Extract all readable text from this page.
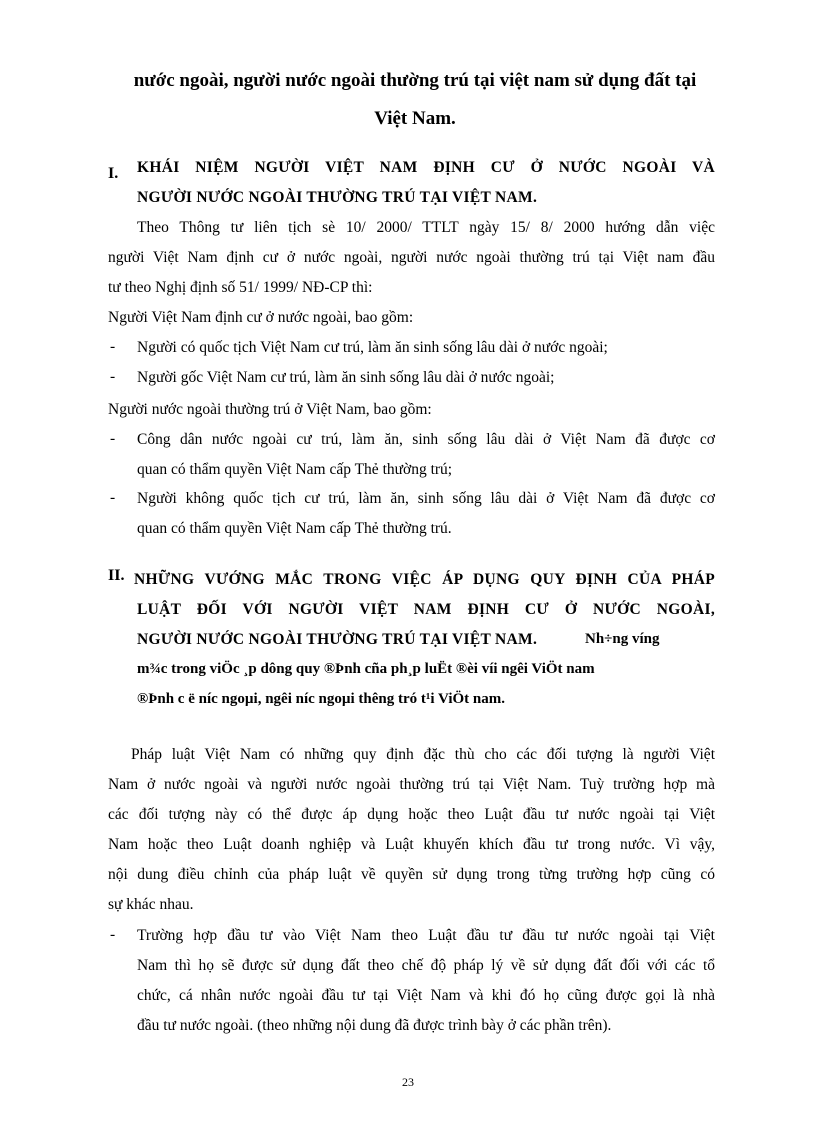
nước ngoài, người nước ngoài thường trú tại việt nam sử dụng đất tại
Việt Nam.
I. KHÁI NIỆM NGƯỜI VIỆT NAM ĐỊNH CƯ Ở NƯỚC NGOÀI VÀ
NGƯỜI NƯỚC NGOÀI THƯỜNG TRÚ TẠI VIỆT NAM.
Theo Thông tư liên tịch sè 10/ 2000/ TTLT ngày 15/ 8/ 2000 hướng dẫn việc
người Việt Nam định cư ở nước ngoài, người nước ngoài thường trú tại Việt nam đầu
tư theo Nghị định số 51/ 1999/ NĐ-CP thì:
Người Việt Nam định cư ở nước ngoài, bao gồm:
- Người có quốc tịch Việt Nam cư trú, làm ăn sinh sống lâu dài ở nước ngoài;
- Người gốc Việt Nam cư trú, làm ăn sinh sống lâu dài ở nước ngoài;
Người nước ngoài thường trú ở Việt Nam, bao gồm:
- Công dân nước ngoài cư trú, làm ăn, sinh sống lâu dài ở Việt Nam đã được cơ
quan có thẩm quyền Việt Nam cấp Thẻ thường trú;
- Người không quốc tịch cư trú, làm ăn, sinh sống lâu dài ở Việt Nam đã được cơ
quan có thẩm quyền Việt Nam cấp Thẻ thường trú.
II. NHỮNG VƯỚNG MẮC TRONG VIỆC ÁP DỤNG QUY ĐỊNH CỦA PHÁP
LUẬT ĐỐI VỚI NGƯỜI VIỆT NAM ĐỊNH CƯ Ở NƯỚC NGOÀI,
NGƯỜI NƯỚC NGOÀI THƯỜNG TRÚ TẠI VIỆT NAM.	Nh÷ng víng
m¾c trong viÖc ¸p dông quy ®Þnh cña ph¸p luËt ®èi víi ngêi ViÖt nam
®Þnh c ë níc ngoµi, ngêi níc ngoµi thêng tró t¹i ViÖt nam.
Pháp luật Việt Nam có những quy định đặc thù cho các đối tượng là người Việt
Nam ở nước ngoài và người nước ngoài thường trú tại Việt Nam. Tuỳ trường hợp mà
các đối tượng này có thể được áp dụng hoặc theo Luật đầu tư nước ngoài tại Việt
Nam hoặc theo Luật doanh nghiệp và Luật khuyến khích đầu tư trong nước. Vì vậy,
nội dung điều chỉnh của pháp luật về quyền sử dụng trong từng trường hợp cũng có
sự khác nhau.
- Trường hợp đầu tư vào Việt Nam theo Luật đầu tư đầu tư nước ngoài tại Việt
Nam thì họ sẽ được sử dụng đất theo chế độ pháp lý về sử dụng đất đối với các tổ
chức, cá nhân nước ngoài đầu tư tại Việt Nam và khi đó họ cũng được gọi là nhà
đầu tư nước ngoài. (theo những nội dung đã được trình bày ở các phần trên).
23
